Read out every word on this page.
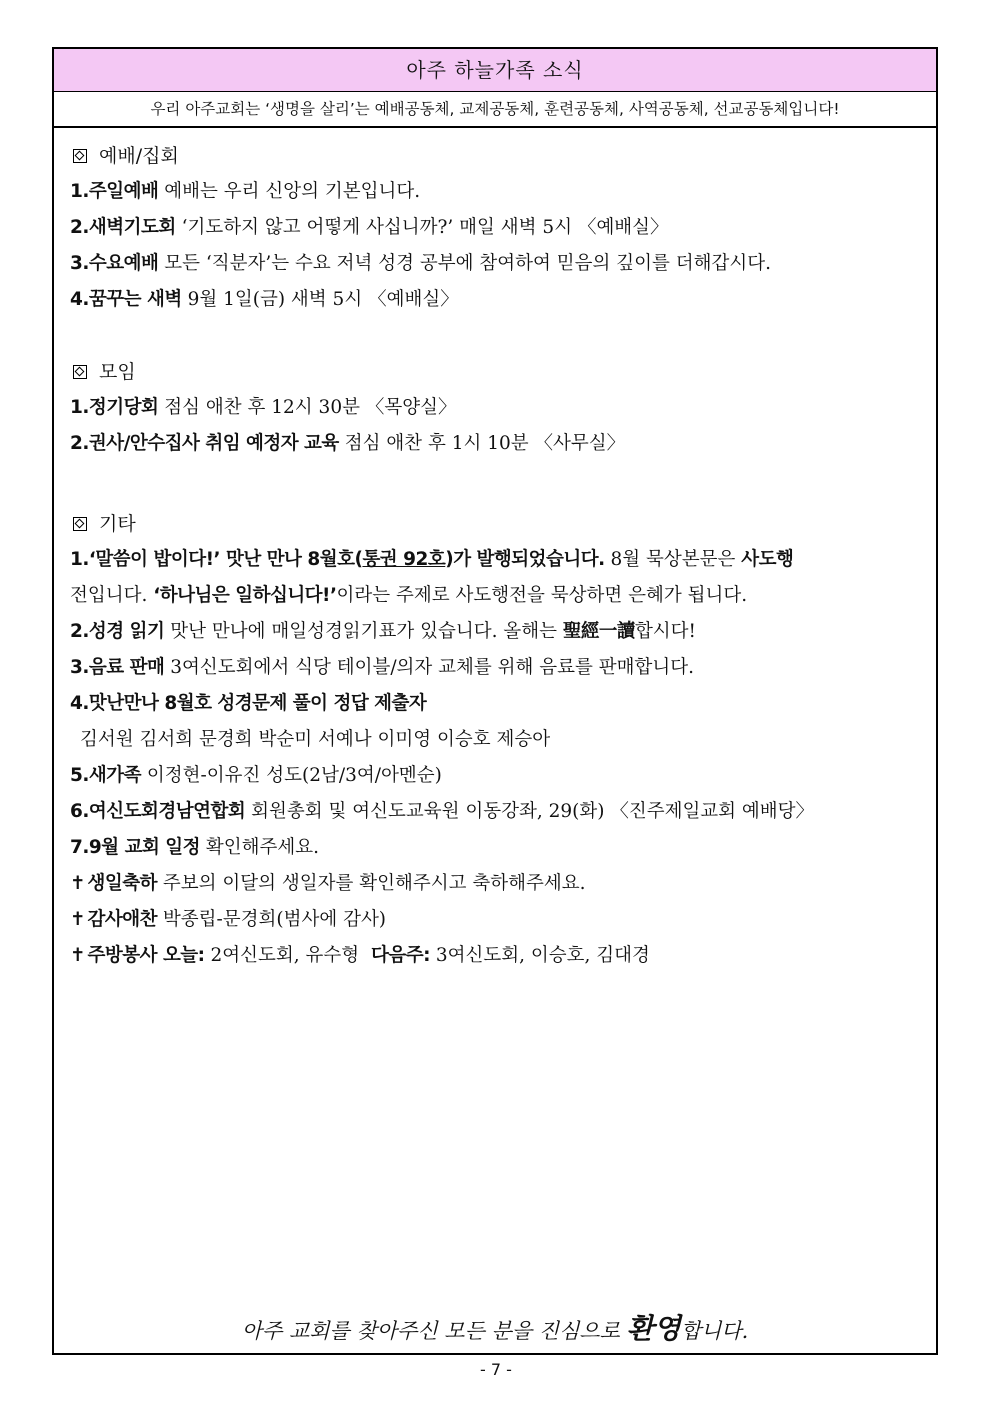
아주 하늘가족 소식
우리 아주교회는 ‘생명을 살리’는 예배공동체, 교제공동체, 훈련공동체, 사역공동체, 선교공동체입니다!
예배/집회
1.주일예배 예배는 우리 신앙의 기본입니다.
2.새벽기도회 ‘기도하지 않고 어떻게 사십니까?’ 매일 새벽 5시 〈예배실〉
3.수요예배 모든 ‘직분자’는 수요 저녁 성경 공부에 참여하여 믿음의 깊이를 더해갑시다.
4.꿈꾸는 새벽 9월 1일(금) 새벽 5시 〈예배실〉
모임
1.정기당회 점심 애찬 후 12시 30분 〈목양실〉
2.권사/안수집사 취임 예정자 교육 점심 애찬 후 1시 10분 〈사무실〉
기타
1.‘말씀이 밥이다!’ 맛난 만나 8월호(통권 92호)가 발행되었습니다. 8월 묵상본문은 사도행
전입니다. ‘하나님은 일하십니다!’이라는 주제로 사도행전을 묵상하면 은혜가 됩니다.
2.성경 읽기 맛난 만나에 매일성경읽기표가 있습니다. 올해는 聖經一讀합시다!
3.음료 판매 3여신도회에서 식당 테이블/의자 교체를 위해 음료를 판매합니다.
4.맛난만나 8월호 성경문제 풀이 정답 제출자
김서원 김서희 문경희 박순미 서예나 이미영 이승호 제승아
5.새가족 이정현-이유진 성도(2남/3여/아멘순)
6.여신도회경남연합회 회원총회 및 여신도교육원 이동강좌, 29(화) 〈진주제일교회 예배당〉
7.9월 교회 일정 확인해주세요.
✝ 생일축하 주보의 이달의 생일자를 확인해주시고 축하해주세요.
✝ 감사애찬 박종립-문경희(범사에 감사)
✝ 주방봉사 오늘: 2여신도회, 유수형  다음주: 3여신도회, 이승호, 김대경
아주 교회를 찾아주신 모든 분을 진심으로 환영합니다.
- 7 -
